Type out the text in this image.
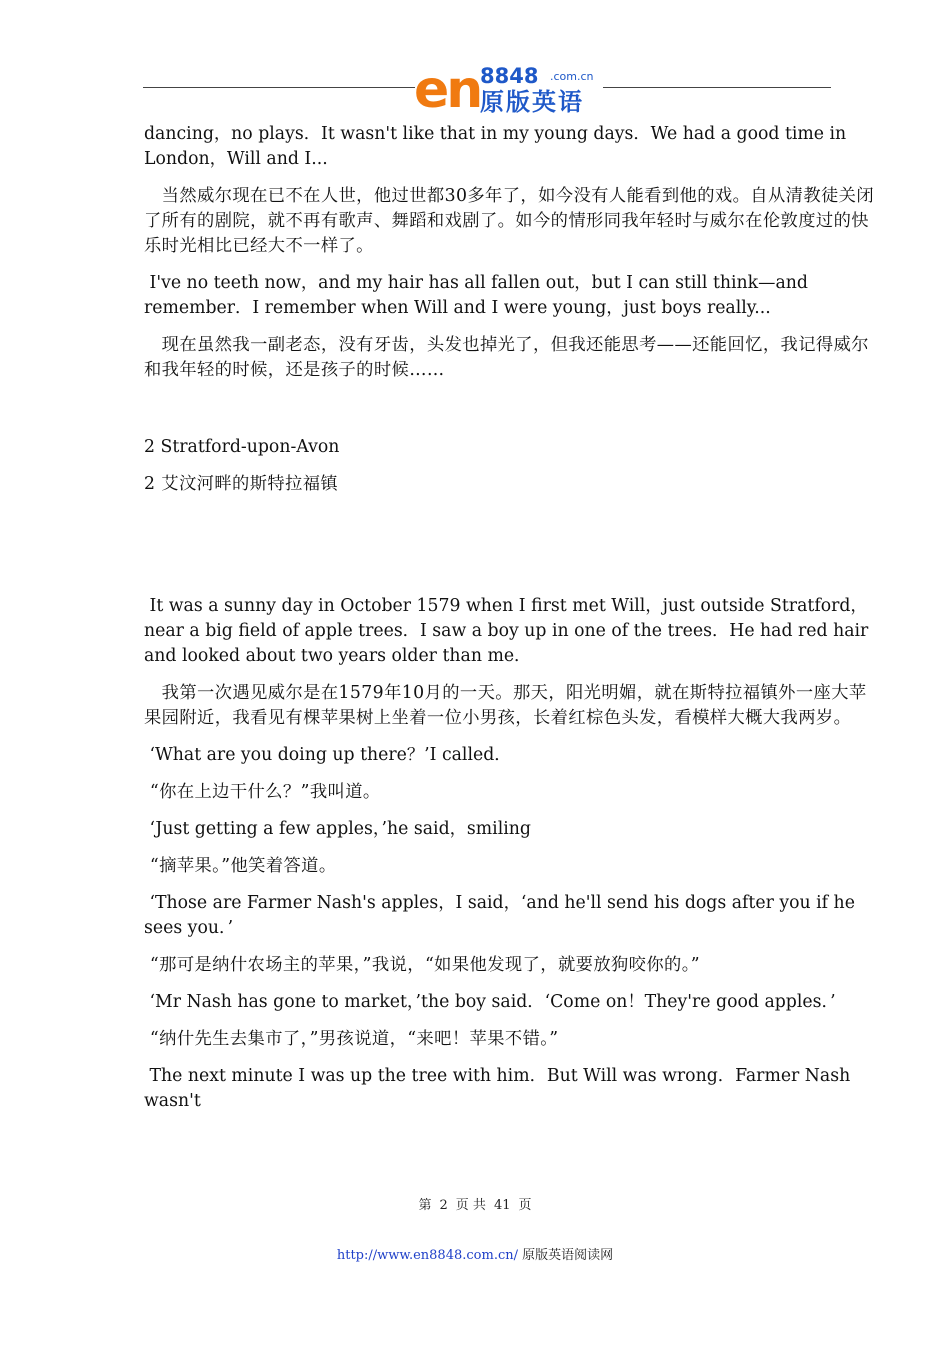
en 8848 .com.cn
原版英语

dancing，no plays．It wasn't like that in my young days．We had a good time in London，Will and I...

　当然威尔现在已不在人世，他过世都30多年了，如今没有人能看到他的戏。自从清教徒关闭了所有的剧院，就不再有歌声、舞蹈和戏剧了。如今的情形同我年轻时与威尔在伦敦度过的快乐时光相比已经大不一样了。

I've no teeth now，and my hair has all fallen out，but I can still think—and remember．I remember when Will and I were young，just boys really...

　现在虽然我一副老态，没有牙齿，头发也掉光了，但我还能思考——还能回忆，我记得威尔和我年轻的时候，还是孩子的时候……

2 Stratford-upon-Avon

2 艾汶河畔的斯特拉福镇

It was a sunny day in October 1579 when I first met Will，just outside Stratford，near a big field of apple trees．I saw a boy up in one of the trees．He had red hair and looked about two years older than me．

　我第一次遇见威尔是在1579年10月的一天。那天，阳光明媚，就在斯特拉福镇外一座大苹果园附近，我看见有棵苹果树上坐着一位小男孩，长着红棕色头发，看模样大概大我两岁。

‘What are you doing up there？’I called．

“你在上边干什么？”我叫道。

‘Just getting a few apples，’he said，smiling

“摘苹果。”他笑着答道。

‘Those are Farmer Nash's apples，I said，‘and he'll send his dogs after you if he sees you．’

“那可是纳什农场主的苹果，”我说，“如果他发现了，就要放狗咬你的。”

‘Mr Nash has gone to market，’the boy said．‘Come on！They're good apples．’

“纳什先生去集市了，”男孩说道，“来吧！苹果不错。”

The next minute I was up the tree with him．But Will was wrong．Farmer Nash wasn't

第 2 页 共 41 页
http://www.en8848.com.cn/ 原版英语阅读网
